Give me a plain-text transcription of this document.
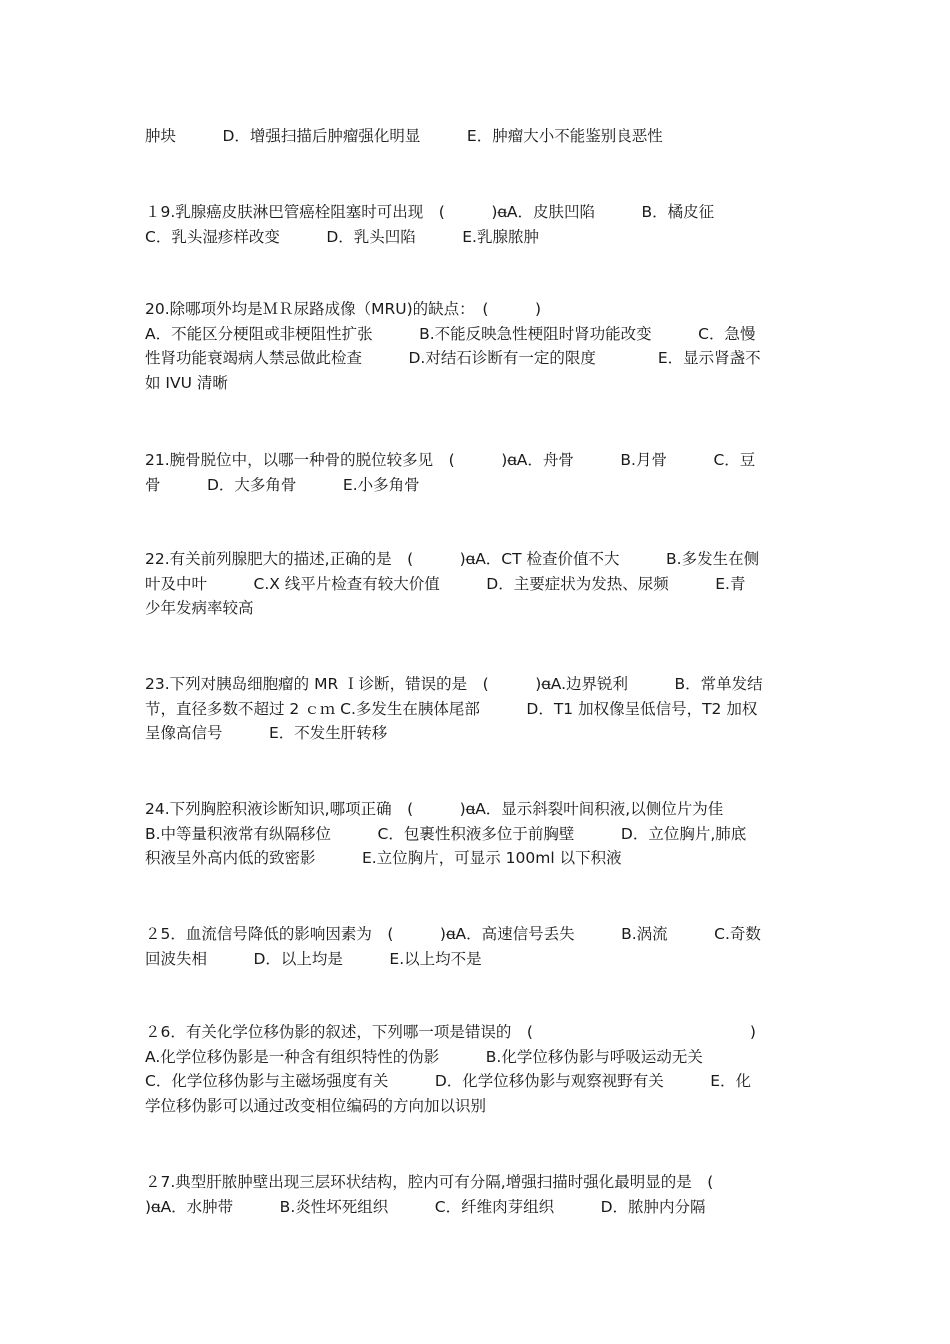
肿块　　　D．增强扫描后肿瘤强化明显　　　E．肿瘤大小不能鉴别良恶性
１9.乳腺癌皮肤淋巴管癌栓阻塞时可出现　(　　　)ꬰA．皮肤凹陷　　　B．橘皮征
C．乳头湿疹样改变　　　D．乳头凹陷　　　E.乳腺脓肿
20.除哪项外均是ＭＲ尿路成像（MRU)的缺点：　(　　　)
A．不能区分梗阻或非梗阻性扩张　　　B.不能反映急性梗阻时肾功能改变　　　C．急慢
性肾功能衰竭病人禁忌做此检查　　　D.对结石诊断有一定的限度　　　　E．显示肾盏不
如 IVU 清晰
21.腕骨脱位中，以哪一种骨的脱位较多见　(　　　)ꬰA．舟骨　　　B.月骨　　　C．豆
骨　　　D．大多角骨　　　E.小多角骨
22.有关前列腺肥大的描述,正确的是　(　　　)ꬰA．CT 检查价值不大　　　B.多发生在侧
叶及中叶　　　C.X 线平片检查有较大价值　　　D．主要症状为发热、尿频　　　E.青
少年发病率较高
23.下列对胰岛细胞瘤的 MR Ｉ诊断，错误的是　(　　　)ꬰA.边界锐利　　　B．常单发结
节，直径多数不超过 2 ｃｍ C.多发生在胰体尾部　　　D．T1 加权像呈低信号，T2 加权
呈像高信号　　　E．不发生肝转移
24.下列胸腔积液诊断知识,哪项正确　(　　　)ꬰA．显示斜裂叶间积液,以侧位片为佳
B.中等量积液常有纵隔移位　　　C．包裹性积液多位于前胸壁　　　D．立位胸片,肺底
积液呈外高内低的致密影　　　E.立位胸片，可显示 100ml 以下积液
２5．血流信号降低的影响因素为　(　　　)ꬰA．高速信号丢失　　　B.涡流　　　C.奇数
回波失相　　　D．以上均是　　　E.以上均不是
２6．有关化学位移伪影的叙述，下列哪一项是错误的　(　　　　　　　　　　　　　　)
A.化学位移伪影是一种含有组织特性的伪影　　　B.化学位移伪影与呼吸运动无关
C．化学位移伪影与主磁场强度有关　　　D．化学位移伪影与观察视野有关　　　E．化
学位移伪影可以通过改变相位编码的方向加以识别
２7.典型肝脓肿壁出现三层环状结构，腔内可有分隔,增强扫描时强化最明显的是　(
)ꬰA．水肿带　　　B.炎性坏死组织　　　C．纤维肉芽组织　　　D．脓肿内分隔
